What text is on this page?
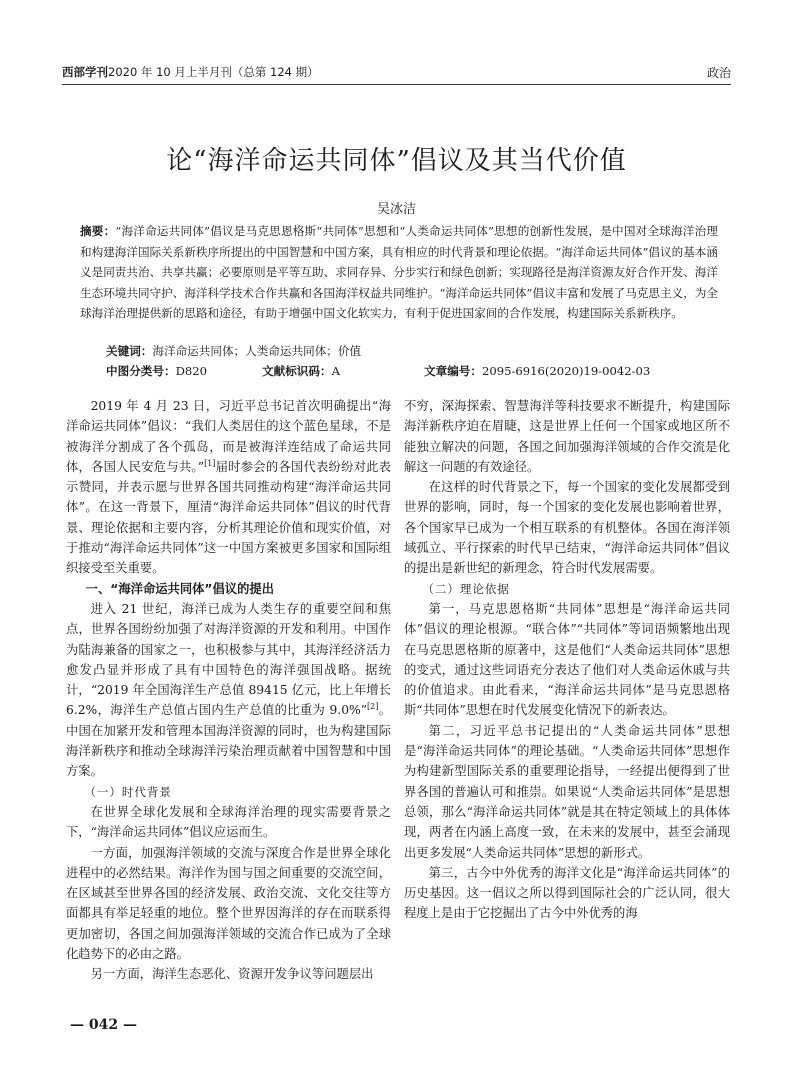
西部学刊2020 年 10 月上半月刊（总第 124 期）	政治
论“海洋命运共同体”倡议及其当代价值
吴冰洁
摘要：“海洋命运共同体”倡议是马克思恩格斯“共同体”思想和“人类命运共同体”思想的创新性发展，是中国对全球海洋治理和构建海洋国际关系新秩序所提出的中国智慧和中国方案，具有相应的时代背景和理论依据。“海洋命运共同体”倡议的基本涵义是同责共治、共享共赢；必要原则是平等互助、求同存异、分步实行和绿色创新；实现路径是海洋资源友好合作开发、海洋生态环境共同守护、海洋科学技术合作共赢和各国海洋权益共同维护。“海洋命运共同体”倡议丰富和发展了马克思主义，为全球海洋治理提供新的思路和途径，有助于增强中国文化软实力，有利于促进国家间的合作发展，构建国际关系新秩序。
关键词：海洋命运共同体；人类命运共同体；价值
中图分类号：D820	文献标识码：A	文章编号：2095-6916(2020)19-0042-03

2019 年 4 月 23 日，习近平总书记首次明确提出“海洋命运共同体”倡议：“我们人类居住的这个蓝色星球，不是被海洋分割成了各个孤岛，而是被海洋连结成了命运共同体，各国人民安危与共。”[1]届时参会的各国代表纷纷对此表示赞同，并表示愿与世界各国共同推动构建“海洋命运共同体”。在这一背景下，厘清“海洋命运共同体”倡议的时代背景、理论依据和主要内容，分析其理论价值和现实价值，对于推动“海洋命运共同体”这一中国方案被更多国家和国际组织接受至关重要。

一、“海洋命运共同体”倡议的提出

进入 21 世纪，海洋已成为人类生存的重要空间和焦点，世界各国纷纷加强了对海洋资源的开发和利用。中国作为陆海兼备的国家之一，也积极参与其中，其海洋经济活力愈发凸显并形成了具有中国特色的海洋强国战略。据统计，“2019 年全国海洋生产总值 89415 亿元，比上年增长 6.2%，海洋生产总值占国内生产总值的比重为 9.0%”[2]。中国在加紧开发和管理本国海洋资源的同时，也为构建国际海洋新秩序和推动全球海洋污染治理贡献着中国智慧和中国方案。

（一）时代背景

在世界全球化发展和全球海洋治理的现实需要背景之下，“海洋命运共同体”倡议应运而生。

一方面，加强海洋领域的交流与深度合作是世界全球化进程中的必然结果。海洋作为国与国之间重要的交流空间，在区域甚至世界各国的经济发展、政治交流、文化交往等方面都具有举足轻重的地位。整个世界因海洋的存在而联系得更加密切，各国之间加强海洋领域的交流合作已成为了全球化趋势下的必由之路。

另一方面，海洋生态恶化、资源开发争议等问题层出

不穷，深海探索、智慧海洋等科技要求不断提升，构建国际海洋新秩序迫在眉睫，这是世界上任何一个国家或地区所不能独立解决的问题，各国之间加强海洋领域的合作交流是化解这一问题的有效途径。

在这样的时代背景之下，每一个国家的变化发展都受到世界的影响，同时，每一个国家的变化发展也影响着世界，各个国家早已成为一个相互联系的有机整体。各国在海洋领域孤立、平行探索的时代早已结束，“海洋命运共同体”倡议的提出是新世纪的新理念，符合时代发展需要。

（二）理论依据

第一，马克思恩格斯“共同体”思想是“海洋命运共同体”倡议的理论根源。“联合体”“共同体”等词语频繁地出现在马克思恩格斯的原著中，这是他们“人类命运共同体”思想的变式，通过这些词语充分表达了他们对人类命运休戚与共的价值追求。由此看来，“海洋命运共同体”是马克思恩格斯“共同体”思想在时代发展变化情况下的新表达。

第二，习近平总书记提出的“人类命运共同体”思想是“海洋命运共同体”的理论基础。“人类命运共同体”思想作为构建新型国际关系的重要理论指导，一经提出便得到了世界各国的普遍认可和推崇。如果说“人类命运共同体”是思想总领，那么“海洋命运共同体”就是其在特定领域上的具体体现，两者在内涵上高度一致，在未来的发展中，甚至会涌现出更多发展“人类命运共同体”思想的新形式。

第三，古今中外优秀的海洋文化是“海洋命运共同体”的历史基因。这一倡议之所以得到国际社会的广泛认同，很大程度上是由于它挖掘出了古今中外优秀的海

— 042 —
